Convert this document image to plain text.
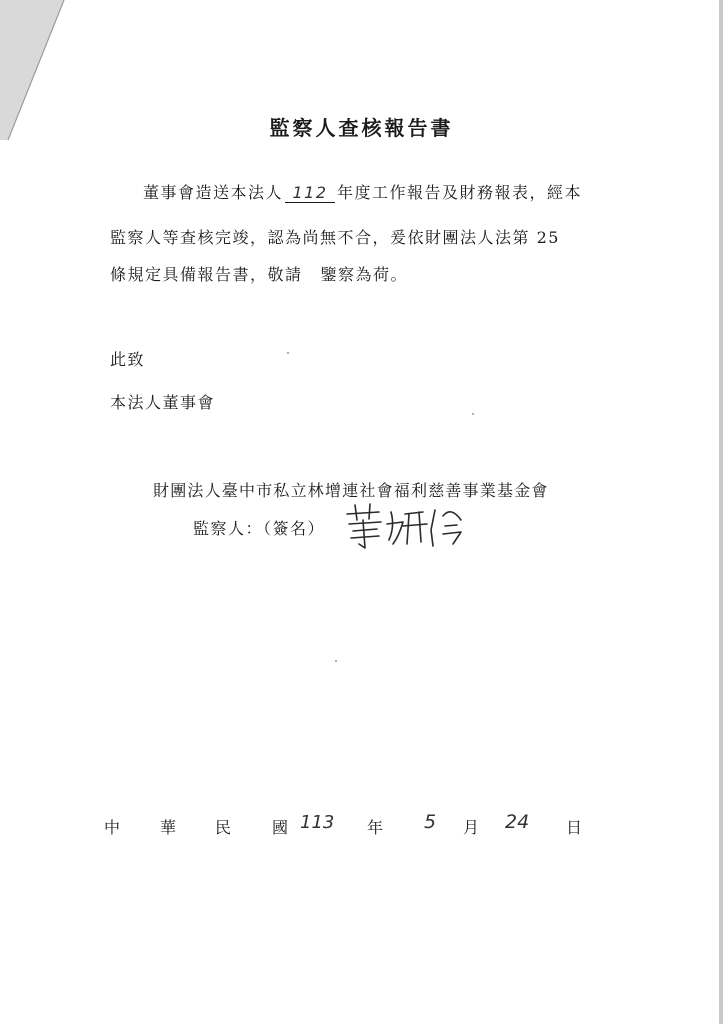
監察人查核報告書
董事會造送本法人 112 年度工作報告及財務報表，經本
監察人等查核完竣，認為尚無不合，爰依財團法人法第 25
條規定具備報告書，敬請 鑒察為荷。
此致
本法人董事會
財團法人臺中市私立林增連社會福利慈善事業基金會
監察人：（簽名）
中 華 民	國 113 年 5 月 24 日
